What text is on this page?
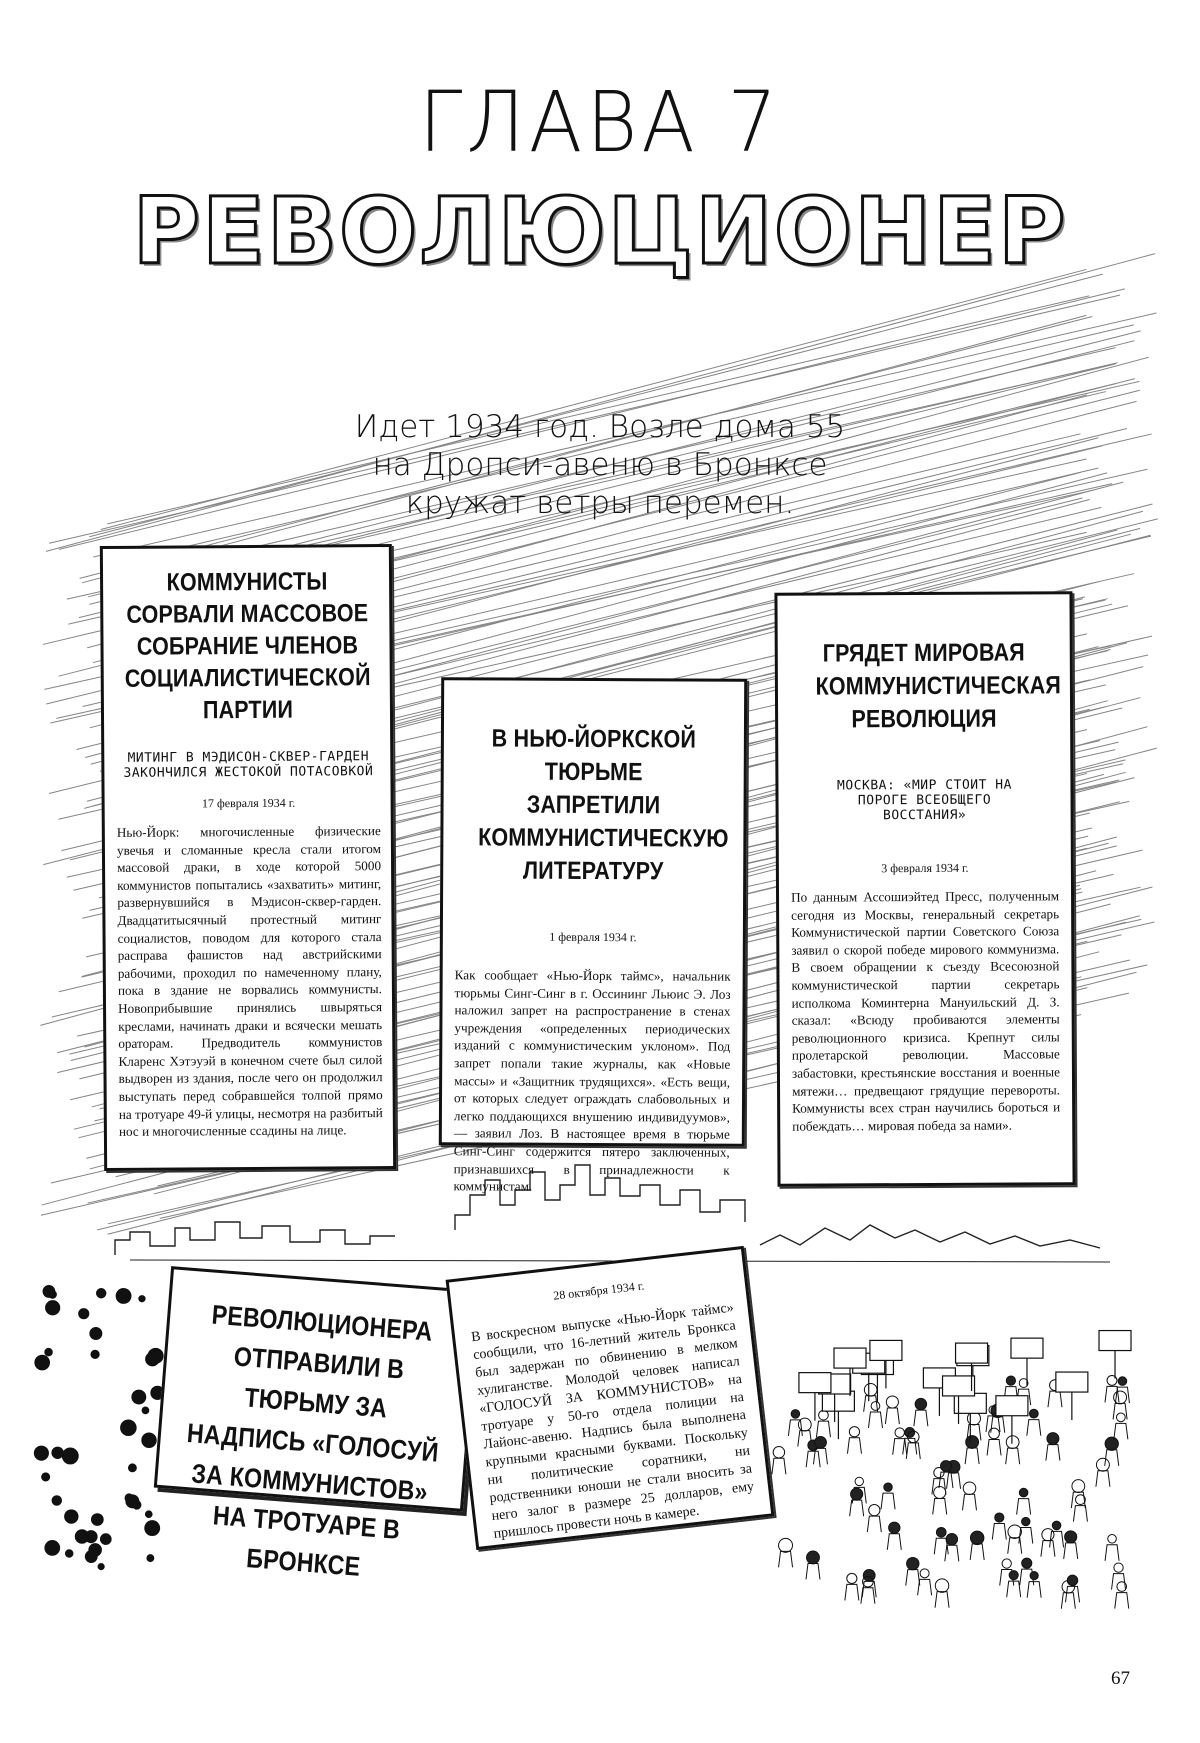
ГЛАВА 7
РЕВОЛЮЦИОНЕР
Идет 1934 год. Возле дома 55
на Дропси-авеню в Бронксе
кружат ветры перемен.
КОММУНИСТЫ СОРВАЛИ МАССОВОЕ СОБРАНИЕ ЧЛЕНОВ СОЦИАЛИСТИЧЕСКОЙ ПАРТИИ
МИТИНГ В МЭДИСОН-СКВЕР-ГАРДЕН ЗАКОНЧИЛСЯ ЖЕСТОКОЙ ПОТАСОВКОЙ
17 февраля 1934 г.
Нью-Йорк: многочисленные физические увечья и сломанные кресла стали итогом массовой драки, в ходе которой 5000 коммунистов попытались «захватить» митинг, развернувшийся в Мэдисон-сквер-гарден. Двадцатитысячный протестный митинг социалистов, поводом для которого стала расправа фашистов над австрийскими рабочими, проходил по намеченному плану, пока в здание не ворвались коммунисты. Новоприбывшие принялись швыряться креслами, начинать драки и всячески мешать ораторам. Предводитель коммунистов Кларенс Хэтэуэй в конечном счете был силой выдворен из здания, после чего он продолжил выступать перед собравшейся толпой прямо на тротуаре 49-й улицы, несмотря на разбитый нос и многочисленные ссадины на лице.
В НЬЮ-ЙОРКСКОЙ ТЮРЬМЕ ЗАПРЕТИЛИ КОММУНИСТИЧЕСКУЮ ЛИТЕРАТУРУ
1 февраля 1934 г.
Как сообщает «Нью-Йорк таймс», начальник тюрьмы Синг-Синг в г. Оссининг Льюис Э. Лоз наложил запрет на распространение в стенах учреждения «определенных периодических изданий с коммунистическим уклоном». Под запрет попали такие журналы, как «Новые массы» и «Защитник трудящихся». «Есть вещи, от которых следует ограждать слабовольных и легко поддающихся внушению индивидуумов», — заявил Лоз. В настоящее время в тюрьме Синг-Синг содержится пятеро заключенных, признавшихся в принадлежности к коммунистам.
ГРЯДЕТ МИРОВАЯ КОММУНИСТИЧЕСКАЯ РЕВОЛЮЦИЯ
МОСКВА: «МИР СТОИТ НА ПОРОГЕ ВСЕОБЩЕГО ВОССТАНИЯ»
3 февраля 1934 г.
По данным Ассошиэйтед Пресс, полученным сегодня из Москвы, генеральный секретарь Коммунистической партии Советского Союза заявил о скорой победе мирового коммунизма. В своем обращении к съезду Всесоюзной коммунистической партии секретарь исполкома Коминтерна Мануильский Д. З. сказал: «Всюду пробиваются элементы революционного кризиса. Крепнут силы пролетарской революции. Массовые забастовки, крестьянские восстания и военные мятежи… предвещают грядущие перевороты. Коммунисты всех стран научились бороться и побеждать… мировая победа за нами».
РЕВОЛЮЦИОНЕРА ОТПРАВИЛИ В ТЮРЬМУ ЗА НАДПИСЬ «ГОЛОСУЙ ЗА КОММУНИСТОВ» НА ТРОТУАРЕ В БРОНКСЕ
28 октября 1934 г.
В воскресном выпуске «Нью-Йорк таймс» сообщили, что 16-летний житель Бронкса был задержан по обвинению в мелком хулиганстве. Молодой человек написал «ГОЛОСУЙ ЗА КОММУНИСТОВ» на тротуаре у 50-го отдела полиции на Лайонс-авеню. Надпись была выполнена крупными красными буквами. Поскольку ни политические соратники, ни родственники юноши не стали вносить за него залог в размере 25 долларов, ему пришлось провести ночь в камере.
67
